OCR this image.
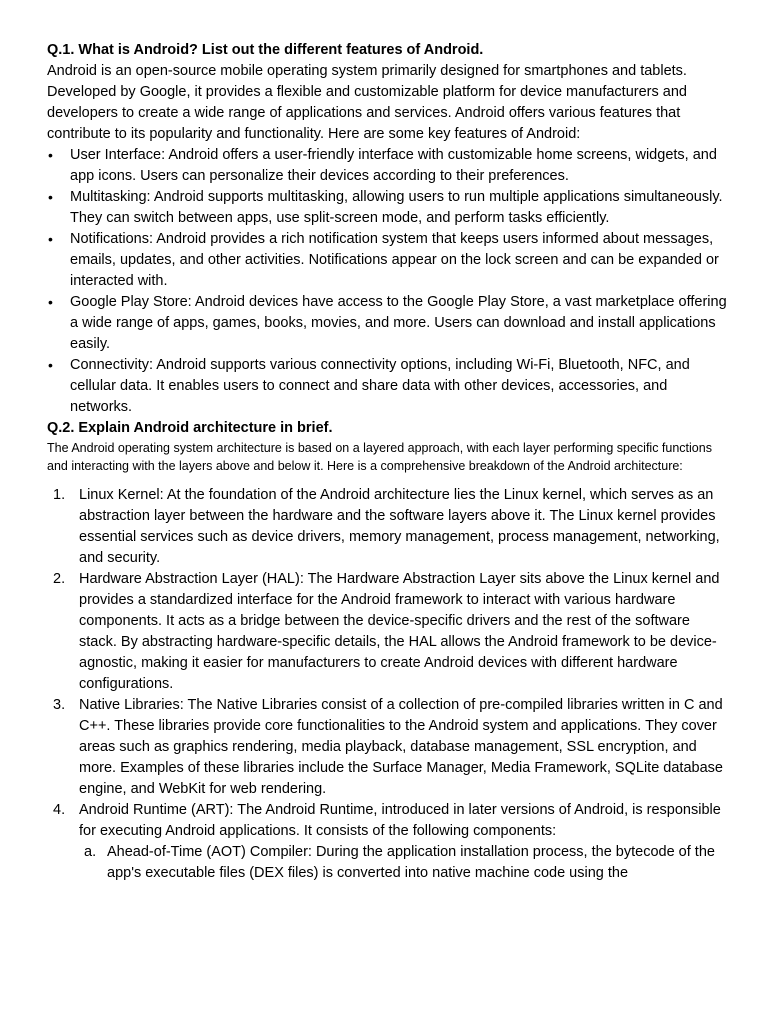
Q.1. What is Android? List out the different features of Android.

Android is an open-source mobile operating system primarily designed for smartphones and tablets. Developed by Google, it provides a flexible and customizable platform for device manufacturers and developers to create a wide range of applications and services. Android offers various features that contribute to its popularity and functionality. Here are some key features of Android:

• User Interface: Android offers a user-friendly interface with customizable home screens, widgets, and app icons. Users can personalize their devices according to their preferences.
• Multitasking: Android supports multitasking, allowing users to run multiple applications simultaneously. They can switch between apps, use split-screen mode, and perform tasks efficiently.
• Notifications: Android provides a rich notification system that keeps users informed about messages, emails, updates, and other activities. Notifications appear on the lock screen and can be expanded or interacted with.
• Google Play Store: Android devices have access to the Google Play Store, a vast marketplace offering a wide range of apps, games, books, movies, and more. Users can download and install applications easily.
• Connectivity: Android supports various connectivity options, including Wi-Fi, Bluetooth, NFC, and cellular data. It enables users to connect and share data with other devices, accessories, and networks.

Q.2. Explain Android architecture in brief.

The Android operating system architecture is based on a layered approach, with each layer performing specific functions and interacting with the layers above and below it. Here is a comprehensive breakdown of the Android architecture:

1. Linux Kernel: At the foundation of the Android architecture lies the Linux kernel, which serves as an abstraction layer between the hardware and the software layers above it. The Linux kernel provides essential services such as device drivers, memory management, process management, networking, and security.
2. Hardware Abstraction Layer (HAL): The Hardware Abstraction Layer sits above the Linux kernel and provides a standardized interface for the Android framework to interact with various hardware components. It acts as a bridge between the device-specific drivers and the rest of the software stack. By abstracting hardware-specific details, the HAL allows the Android framework to be device-agnostic, making it easier for manufacturers to create Android devices with different hardware configurations.
3. Native Libraries: The Native Libraries consist of a collection of pre-compiled libraries written in C and C++. These libraries provide core functionalities to the Android system and applications. They cover areas such as graphics rendering, media playback, database management, SSL encryption, and more. Examples of these libraries include the Surface Manager, Media Framework, SQLite database engine, and WebKit for web rendering.
4. Android Runtime (ART): The Android Runtime, introduced in later versions of Android, is responsible for executing Android applications. It consists of the following components:
a. Ahead-of-Time (AOT) Compiler: During the application installation process, the bytecode of the app's executable files (DEX files) is converted into native machine code using the
